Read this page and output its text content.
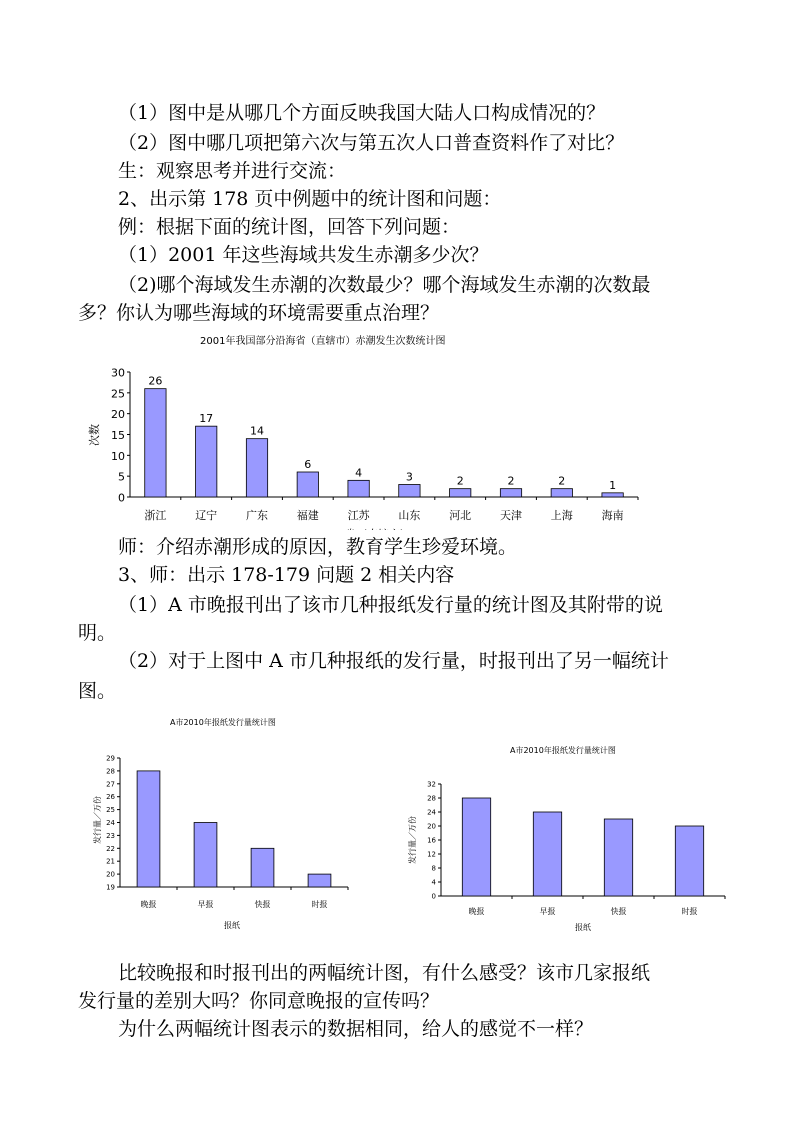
（1）图中是从哪几个方面反映我国大陆人口构成情况的？
（2）图中哪几项把第六次与第五次人口普查资料作了对比？
生：观察思考并进行交流：
2、出示第 178 页中例题中的统计图和问题：
例：根据下面的统计图，回答下列问题：
（1）2001 年这些海域共发生赤潮多少次？
（2)哪个海域发生赤潮的次数最少？哪个海域发生赤潮的次数最
多？你认为哪些海域的环境需要重点治理？
2001年我国部分沿海省（直辖市）赤潮发生次数统计图
0
5
10
15
20
25
30
浙江
26
辽宁
17
广东
14
福建
6
江苏
4
山东
3
河北
2
天津
2
上海
2
海南
1
次数
师：介绍赤潮形成的原因，教育学生珍爱环境。
3、师：出示 178-179 问题 2 相关内容
（1）A 市晚报刊出了该市几种报纸发行量的统计图及其附带的说
明。
（2）对于上图中 A 市几种报纸的发行量，时报刊出了另一幅统计
图。
A市2010年报纸发行量统计图
19
20
21
22
23
24
25
26
27
28
29
晚报	早报	快报	时报
报纸
发行量／万份
A市2010年报纸发行量统计图
0
4
8
12
16
20
24
28
32
晚报	早报	快报	时报
报纸
发行量／万份
比较晚报和时报刊出的两幅统计图，有什么感受？该市几家报纸
发行量的差别大吗？你同意晚报的宣传吗？
为什么两幅统计图表示的数据相同，给人的感觉不一样？
